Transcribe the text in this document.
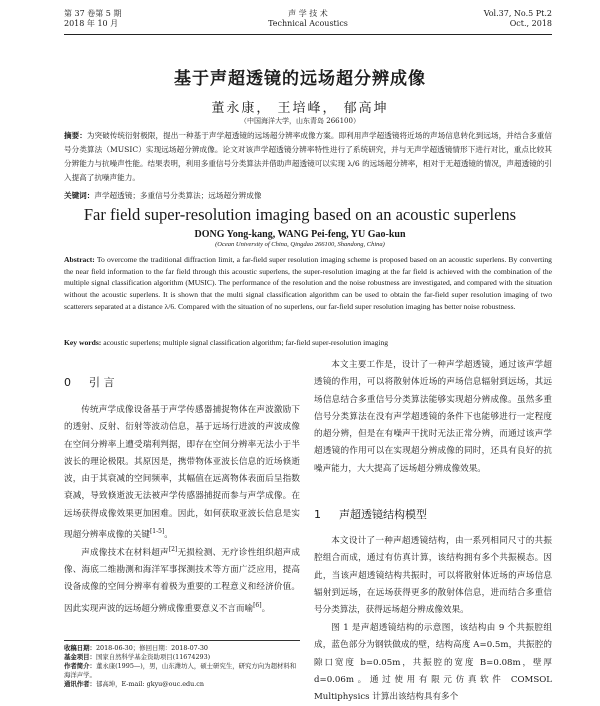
第 37 卷第 5 期
2018 年 10 月
声 学 技 术
Technical Acoustics
Vol.37, No.5 Pt.2
Oct., 2018
基于声超透镜的远场超分辨成像
董永康， 王培峰， 郁高坤
（中国海洋大学，山东青岛 266100）
摘要：为突破传统衍射极限，提出一种基于声学超透镜的远场超分辨率成像方案。即利用声学超透镜将近场的声场信息转化到远场，并结合多重信号分类算法（MUSIC）实现远场超分辨成像。论文对该声学超透镜分辨率特性进行了系统研究，并与无声学超透镜情形下进行对比，重点比较其分辨能力与抗噪声性能。结果表明，利用多重信号分类算法并借助声超透镜可以实现 λ/6 的远场超分辨率，相对于无超透镜的情况，声超透镜的引入提高了抗噪声能力。
关键词：声学超透镜；多重信号分类算法；远场超分辨成像
Far field super-resolution imaging based on an acoustic superlens
DONG Yong-kang, WANG Pei-feng, YU Gao-kun
(Ocean University of China, Qingdao 266100, Shandong, China)
Abstract: To overcome the traditional diffraction limit, a far-field super resolution imaging scheme is proposed based on an acoustic superlens. By converting the near field information to the far field through this acoustic superlens, the super-resolution imaging at the far field is achieved with the combination of the multiple signal classification algorithm (MUSIC). The performance of the resolution and the noise robustness are investigated, and compared with the situation without the acoustic superlens. It is shown that the multi signal classification algorithm can be used to obtain the far-field super resolution imaging of two scatterers separated at a distance λ/6. Compared with the situation of no superlens, our far-field super resolution imaging has better noise robustness.
Key words: acoustic superlens; multiple signal classification algorithm; far-field super-resolution imaging
0 引 言

传统声学成像设备基于声学传感器捕捉物体在声波激励下的透射、反射、衍射等波动信息，基于远场行进波的声波成像在空间分辨率上遭受瑞利判据，即存在空间分辨率无法小于半波长的理论极限。其原因是，携带物体亚波长信息的近场倏逝波，由于其衰减的空间频率，其幅值在远离物体表面后呈指数衰减，导致倏逝波无法被声学传感器捕捉而参与声学成像。在远场获得成像效果更加困难。因此，如何获取亚波长信息是实现超分辨率成像的关键[1-5]。

声成像技术在材料超声[2]无损检测、无疗诊性组织超声成像、海底二维勘测和海洋军事探测技术等方面广泛应用，提高设备成像的空间分辨率有着极为重要的工程意义和经济价值。因此实现声波的远场超分辨成像重要意义不言而喻[6]。

收稿日期：2018-06-30；修回日期：2018-07-30
基金项目：国家自然科学基金资助项目(11674293)
作者简介：董永康(1995—)，男，山东潍坊人，硕士研究生，研究方向为超材料和海洋声学。
通讯作者：郁高坤，E-mail: gkyu@ouc.edu.cn

本文主要工作是，设计了一种声学超透镜，通过该声学超透镜的作用，可以将散射体近场的声场信息辐射到远场，其远场信息结合多重信号分类算法能够实现超分辨成像。虽然多重信号分类算法在没有声学超透镜的条件下也能够进行一定程度的超分辨，但是在有噪声干扰时无法正常分辨，而通过该声学超透镜的作用可以在实现超分辨成像的同时，还具有良好的抗噪声能力，大大提高了远场超分辨成像效果。

1 声超透镜结构模型

本文设计了一种声超透镜结构，由一系列相同尺寸的共振腔组合而成，通过有仿真计算，该结构拥有多个共振模态。因此，当该声超透镜结构共振时，可以将散射体近场的声场信息辐射到远场，在远场获得更多的散射体信息，进而结合多重信号分类算法，获得远场超分辨成像效果。

图 1 是声超透镜结构的示意图，该结构由 9 个共振腔组成，蓝色部分为钢铁做成的壁，结构高度 A=0.5m，共振腔的隙口宽度 b=0.05m，共振腔的宽度 B=0.08m，壁厚 d=0.06m。通过使用有限元仿真软件 COMSOL Multiphysics 计算出该结构具有多个
